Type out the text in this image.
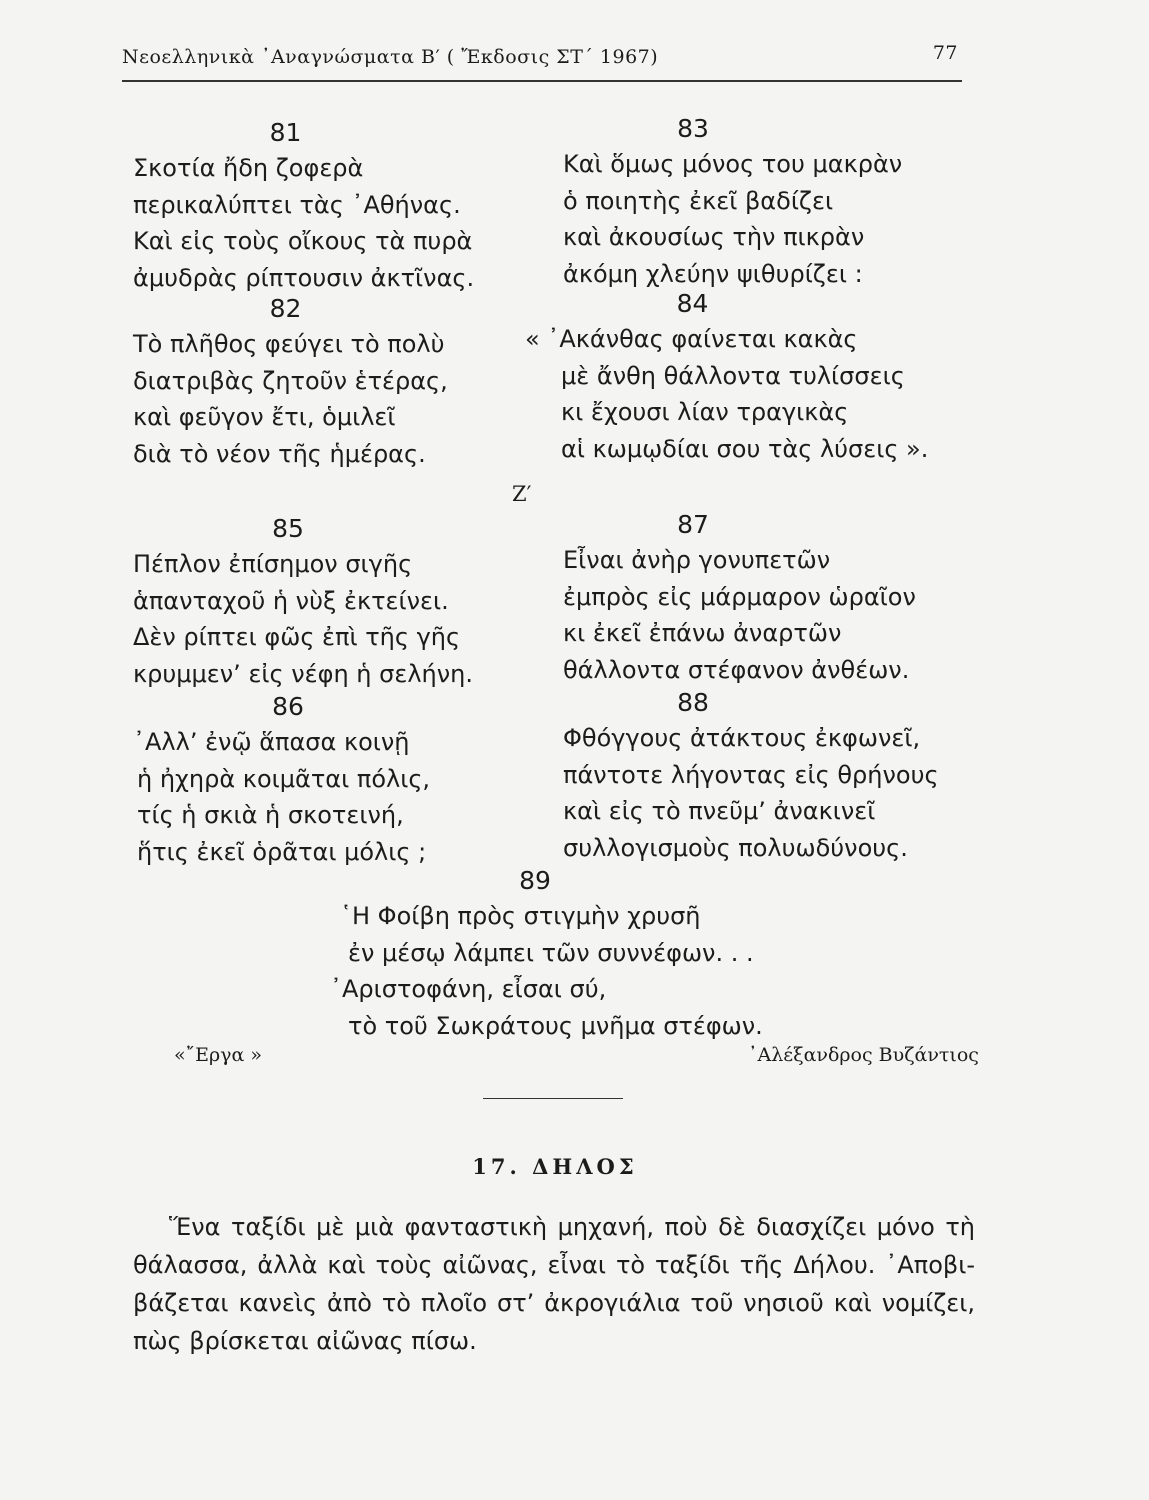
Νεοελληνικὰ ᾿Αναγνώσματα Β′ ( Ἔκδοσις ΣΤ΄ 1967)	77
81
Σκοτία ἤδη ζοφερὰ
περικαλύπτει τὰς ᾿Αθήνας.
Καὶ εἰς τοὺς οἴκους τὰ πυρὰ
ἀμυδρὰς ρίπτουσιν ἀκτῖνας.
82
Τὸ πλῆθος φεύγει τὸ πολὺ
διατριβὰς ζητοῦν ἑτέρας,
καὶ φεῦγον ἔτι, ὁμιλεῖ
διὰ τὸ νέον τῆς ἡμέρας.
83
Καὶ ὅμως μόνος του μακρὰν
ὁ ποιητὴς ἐκεῖ βαδίζει
καὶ ἀκουσίως τὴν πικρὰν
ἀκόμη χλεύην ψιθυρίζει :
84
« ᾿Ακάνθας φαίνεται κακὰς
μὲ ἄνθη θάλλοντα τυλίσσεις
κι ἔχουσι λίαν τραγικὰς
αἱ κωμῳδίαι σου τὰς λύσεις ».
Ζ′
85
Πέπλον ἐπίσημον σιγῆς
ἁπανταχοῦ ἡ νὺξ ἐκτείνει.
Δὲν ρίπτει φῶς ἐπὶ τῆς γῆς
κρυμμεν’ εἰς νέφη ἡ σελήνη.
86
᾿Αλλ’ ἐνῷ ἅπασα κοινῇ
ἡ ἠχηρὰ κοιμᾶται πόλις,
τίς ἡ σκιὰ ἡ σκοτεινή,
ἥτις ἐκεῖ ὁρᾶται μόλις ;
87
Εἶναι ἀνὴρ γονυπετῶν
ἐμπρὸς εἰς μάρμαρον ὡραῖον
κι ἐκεῖ ἐπάνω ἀναρτῶν
θάλλοντα στέφανον ἀνθέων.
88
Φθόγγους ἀτάκτους ἐκφωνεῖ,
πάντοτε λήγοντας εἰς θρήνους
καὶ εἰς τὸ πνεῦμ’ ἀνακινεῖ
συλλογισμοὺς πολυωδύνους.
89
῾Η Φοίβη πρὸς στιγμὴν χρυσῆ
ἐν μέσῳ λάμπει τῶν συννέφων. . .
᾿Αριστοφάνη, εἶσαι σύ,
τὸ τοῦ Σωκράτους μνῆμα στέφων.
«῎Εργα »	᾿Αλέξανδρος Βυζάντιος
17. ΔΗΛΟΣ
Ἕνα ταξίδι μὲ μιὰ φανταστικὴ μηχανή, ποὺ δὲ διασχίζει μόνο τὴ
θάλασσα, ἀλλὰ καὶ τοὺς αἰῶνας, εἶναι τὸ ταξίδι τῆς Δήλου. ᾿Αποβι-
βάζεται κανεὶς ἀπὸ τὸ πλοῖο στ’ ἀκρογιάλια τοῦ νησιοῦ καὶ νομίζει,
πὼς βρίσκεται αἰῶνας πίσω.
